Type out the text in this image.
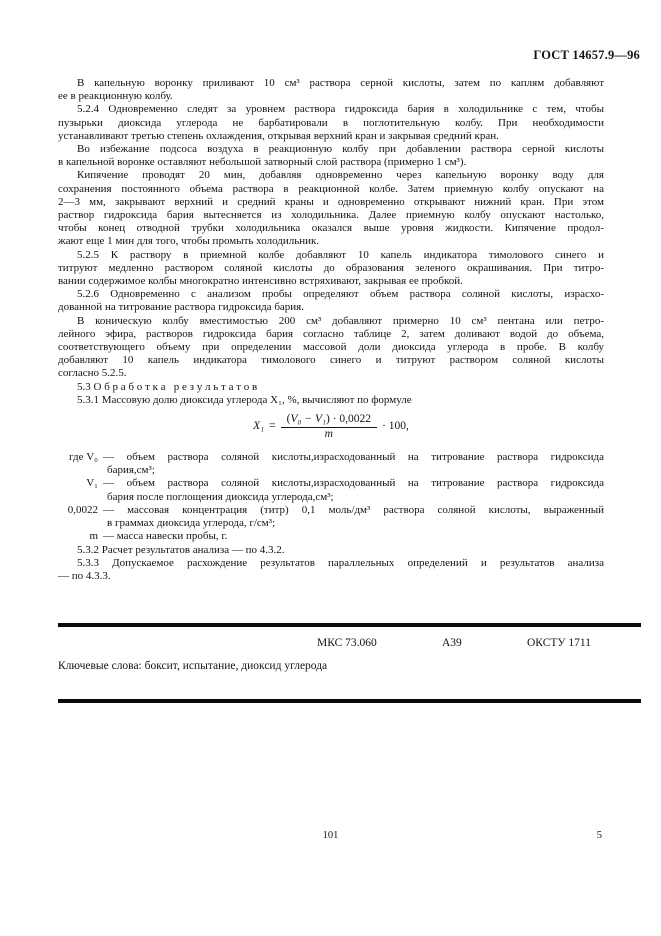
ГОСТ 14657.9—96
В капельную воронку приливают 10 см³ раствора серной кислоты, затем по каплям добавляют
ее в реакционную колбу.
5.2.4 Одновременно следят за уровнем раствора гидроксида бария в холодильнике с тем, чтобы
пузырьки диоксида углерода не барбатировали в поглотительную колбу. При необходимости
устанавливают третью степень охлаждения, открывая верхний кран и закрывая средний кран.
Во избежание подсоса воздуха в реакционную колбу при добавлении раствора серной кислоты
в капельной воронке оставляют небольшой затворный слой раствора (примерно 1 см³).
Кипячение проводят 20 мин, добавляя одновременно через капельную воронку воду для
сохранения постоянного объема раствора в реакционной колбе. Затем приемную колбу опускают на
2—3 мм, закрывают верхний и средний краны и одновременно открывают нижний кран. При этом
раствор гидроксида бария вытесняется из холодильника. Далее приемную колбу опускают настолько,
чтобы конец отводной трубки холодильника оказался выше уровня жидкости. Кипячение продол-
жают еще 1 мин для того, чтобы промыть холодильник.
5.2.5 К раствору в приемной колбе добавляют 10 капель индикатора тимолового синего и
титруют медленно раствором соляной кислоты до образования зеленого окрашивания. При титро-
вании содержимое колбы многократно интенсивно встряхивают, закрывая ее пробкой.
5.2.6 Одновременно с анализом пробы определяют объем раствора соляной кислоты, израсхо-
дованной на титрование раствора гидроксида бария.
В коническую колбу вместимостью 200 см³ добавляют примерно 10 см³ пентана или петро-
лейного эфира, растворов гидроксида бария согласно таблице 2, затем доливают водой до объема,
соответствующего объему при определении массовой доли диоксида углерода в пробе. В колбу
добавляют 10 капель индикатора тимолового синего и титруют раствором соляной кислоты
согласно 5.2.5.
5.3 О б р а б о т к а   р е з у л ь т а т о в
5.3.1 Массовую долю диоксида углерода X₁, %, вычисляют по формуле
$X_1 = \frac{\text{(V₀ − V₁) · 0,0022}}{m} \cdot 100$,
где V₀ — объем раствора соляной кислоты,израсходованный на титрование раствора гидроксида
бария,см³;
V₁ — объем раствора соляной кислоты,израсходованный на титрование раствора гидроксида
бария после поглощения диоксида углерода,см³;
0,0022 — массовая концентрация (титр) 0,1 моль/дм³ раствора соляной кислоты, выраженный
в граммах диоксида углерода, г/см³;
m — масса навески пробы, г.
5.3.2 Расчет результатов анализа — по 4.3.2.
5.3.3 Допускаемое расхождение результатов параллельных определений и результатов анализа
— по 4.3.3.
МКС 73.060	А39	ОКСТУ 1711
Ключевые слова: боксит, испытание, диоксид углерода
101	5
